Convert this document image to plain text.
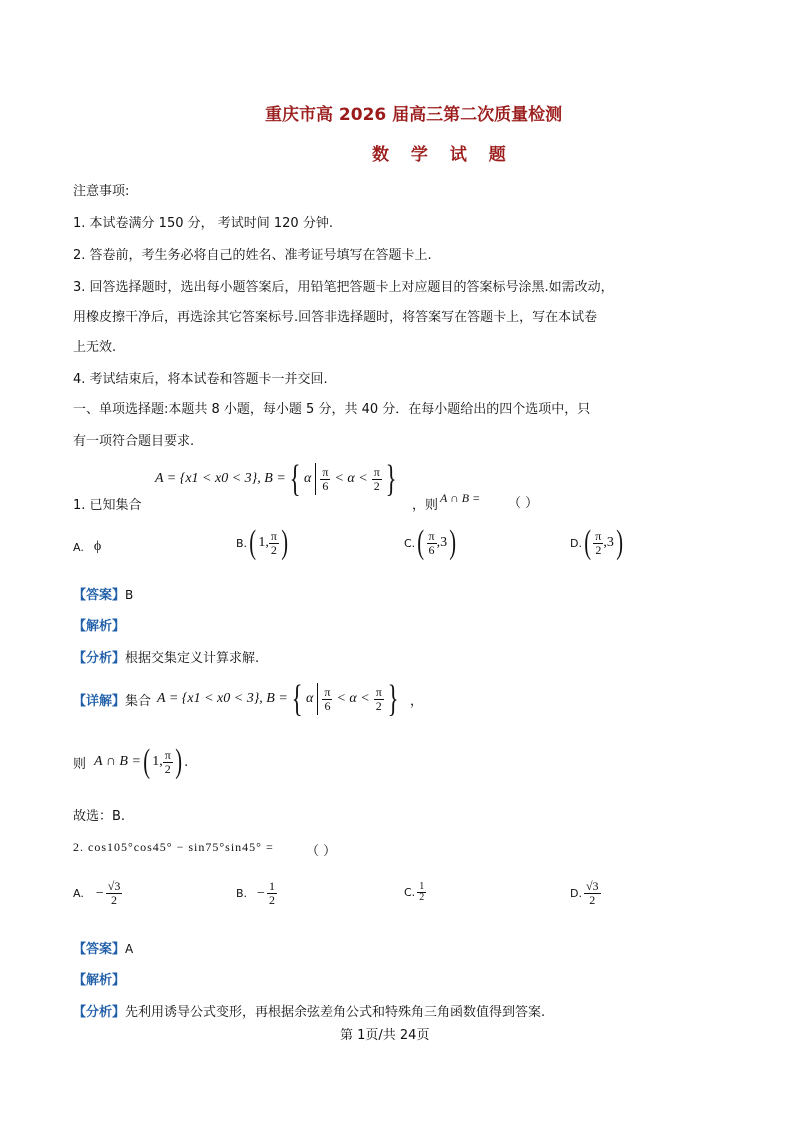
重庆市高 2026 届高三第二次质量检测
数 学 试 题
注意事项:
1. 本试卷满分 150 分， 考试时间 120 分钟.
2. 答卷前，考生务必将自己的姓名、准考证号填写在答题卡上.
3. 回答选择题时，选出每小题答案后，用铅笔把答题卡上对应题目的答案标号涂黑.如需改动，
用橡皮擦干净后，再选涂其它答案标号.回答非选择题时，将答案写在答题卡上，写在本试卷
上无效.
4. 考试结束后，将本试卷和答题卡一并交回.
一、单项选择题:本题共 8 小题，每小题 5 分，共 40 分．在每小题给出的四个选项中，只
有一项符合题目要求.
1. 已知集合
A = {x1 < x0 < 3}, B = { α $\frac{\pi}{6} < \alpha < \frac{\pi}{2}$ }
，则 A ∩ B = （ ）
A. ϕ	B. ( 1, $\frac{\pi}{2}$ )	C. ( $\frac{\pi}{6} ,3$ )	D. ( $\frac{\pi}{2} ,3$ )
【答案】B
【解析】
【分析】根据交集定义计算求解.
【详解】 集合 A = {x1 < x0 < 3}, B = { α $\frac{\pi}{6} < \alpha < \frac{\pi}{2}$ } ，
则 A ∩ B = ( 1, $\frac{\pi}{2}$ ) .
故选：B.
2. cos105°cos45° − sin75°sin45° = （ ）
A. − $\frac{√3}{2}$	B. − $\frac{1}{2}$	C. $\frac{1}{2}$	D. $\frac{√3}{2}$
【答案】A
【解析】
【分析】先利用诱导公式变形，再根据余弦差角公式和特殊角三角函数值得到答案.
第 1页/共 24页
